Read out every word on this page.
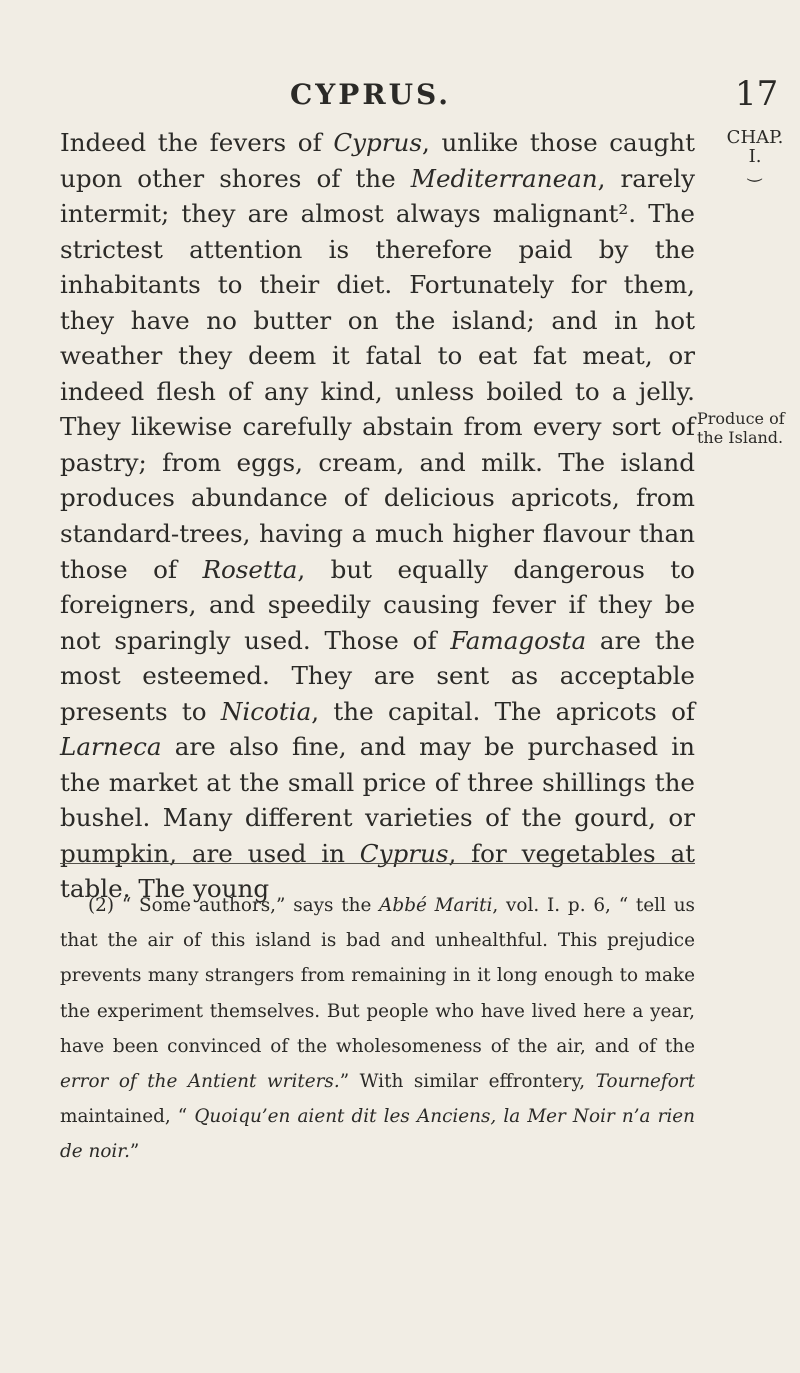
CYPRUS.	17
CHAP.
I.
⏝
Produce of the Island.

Indeed the fevers of Cyprus, unlike those caught upon other shores of the Mediterranean, rarely intermit; they are almost always malignant². The strictest attention is therefore paid by the inhabitants to their diet. Fortunately for them, they have no butter on the island; and in hot weather they deem it fatal to eat fat meat, or indeed flesh of any kind, unless boiled to a jelly. They likewise carefully abstain from every sort of pastry; from eggs, cream, and milk. The island produces abundance of delicious apricots, from standard-trees, having a much higher flavour than those of Rosetta, but equally dangerous to foreigners, and speedily causing fever if they be not sparingly used. Those of Famagosta are the most esteemed. They are sent as acceptable presents to Nicotia, the capital. The apricots of Larneca are also fine, and may be purchased in the market at the small price of three shillings the bushel. Many different varieties of the gourd, or pumpkin, are used in Cyprus, for vegetables at table. The young

(2) “ Some authors,” says the Abbé Mariti, vol. I. p. 6, “ tell us that the air of this island is bad and unhealthful. This prejudice prevents many strangers from remaining in it long enough to make the experiment themselves. But people who have lived here a year, have been convinced of the wholesomeness of the air, and of the error of the Antient writers.” With similar effrontery, Tournefort maintained, “ Quoiqu’en aient dit les Anciens, la Mer Noir n’a rien de noir.”
